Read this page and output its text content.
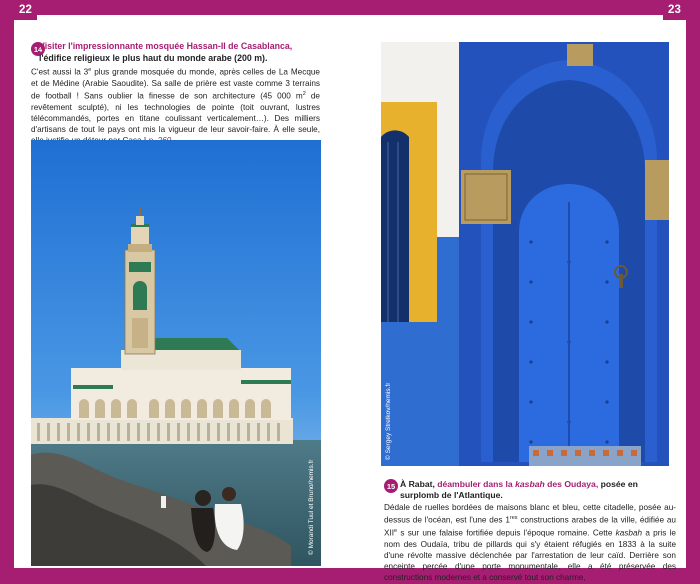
22	NOS COUPS DE COEUR	NOS COUPS DE COEUR	23
14
Visiter l'impressionnante mosquée Hassan-II de Casablanca,
l'édifice religieux le plus haut du monde arabe (200 m).
C'est aussi la 3e plus grande mosquée du monde, après celles de La Mecque et de Médine (Arabie Saoudite). Sa salle de prière est vaste comme 3 terrains de football ! Sans oublier la finesse de son architecture (45 000 $m^2$ de revêtement sculpté), ni les technologies de pointe (toit ouvrant, lustres télécommandés, portes en titane coulissant verticalement…). Des milliers d'artisans de tout le pays ont mis la vigueur de leur savoir-faire. À elle seule,
© Morandi Tuul et Bruno/hemis.fr
© Sergey Strelkov/hemis.fr
15 À Rabat, déambuler dans la kasbah des Oudaya, posée en surplomb de l'Atlantique.
Dédale de ruelles bordées de maisons blanc et bleu, cette citadelle, posée au-dessus de l'océan, est l'une des 1res constructions arabes de la ville, édifiée au XIIe s sur une falaise fortifiée depuis l'époque romaine. Cette kasbah a pris le nom des Oudaïa, tribu de pillards qui s'y étaient réfugiés en 1833 à la suite d'une révolte massive déclenchée par l'arrestation de leur caïd. Derrière son enceinte percée d'une porte monumentale, elle a été préservée des constructions modernes et a conservé tout son charme, p. 239
